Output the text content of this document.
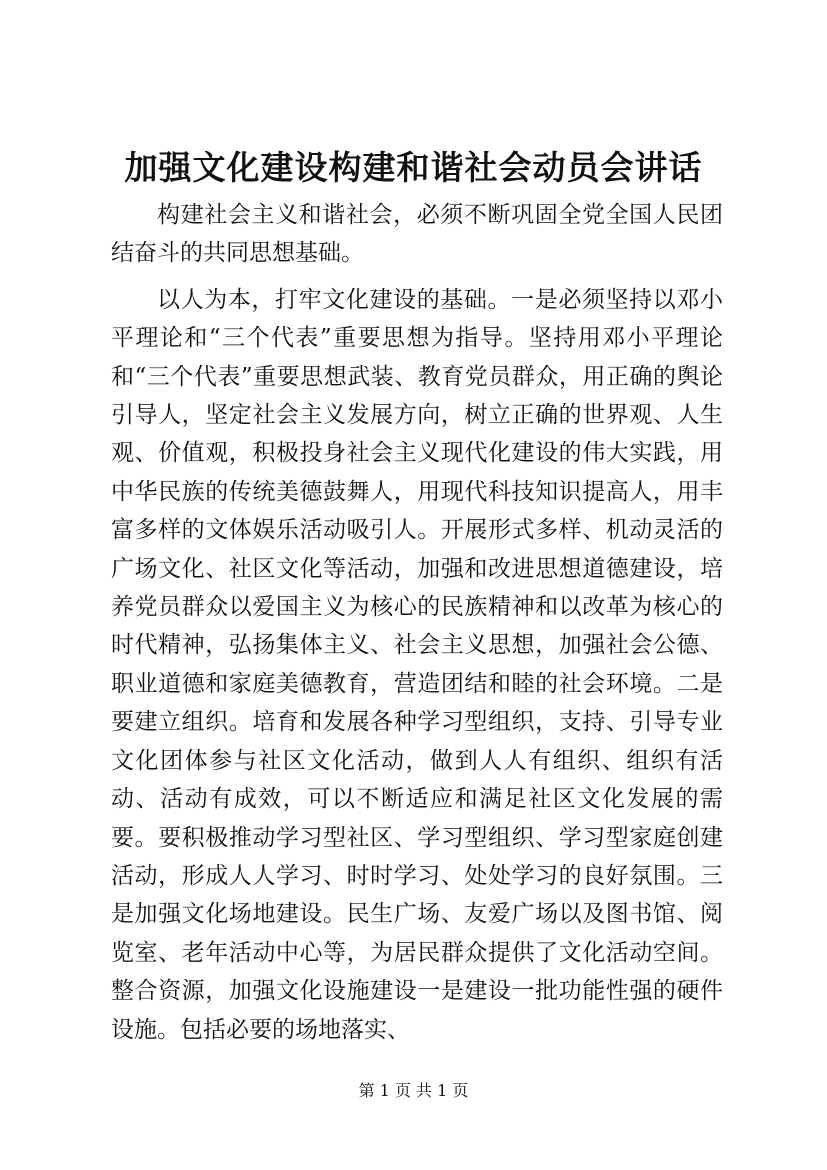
加强文化建设构建和谐社会动员会讲话

构建社会主义和谐社会，必须不断巩固全党全国人民团结奋斗的共同思想基础。

以人为本，打牢文化建设的基础。一是必须坚持以邓小平理论和“三个代表”重要思想为指导。坚持用邓小平理论和“三个代表”重要思想武装、教育党员群众，用正确的舆论引导人，坚定社会主义发展方向，树立正确的世界观、人生观、价值观，积极投身社会主义现代化建设的伟大实践，用中华民族的传统美德鼓舞人，用现代科技知识提高人，用丰富多样的文体娱乐活动吸引人。开展形式多样、机动灵活的广场文化、社区文化等活动，加强和改进思想道德建设，培养党员群众以爱国主义为核心的民族精神和以改革为核心的时代精神，弘扬集体主义、社会主义思想，加强社会公德、职业道德和家庭美德教育，营造团结和睦的社会环境。二是要建立组织。培育和发展各种学习型组织，支持、引导专业文化团体参与社区文化活动，做到人人有组织、组织有活动、活动有成效，可以不断适应和满足社区文化发展的需要。要积极推动学习型社区、学习型组织、学习型家庭创建活动，形成人人学习、时时学习、处处学习的良好氛围。三是加强文化场地建设。民生广场、友爱广场以及图书馆、阅览室、老年活动中心等，为居民群众提供了文化活动空间。整合资源，加强文化设施建设一是建设一批功能性强的硬件设施。包括必要的场地落实、

第 1 页 共 1 页
